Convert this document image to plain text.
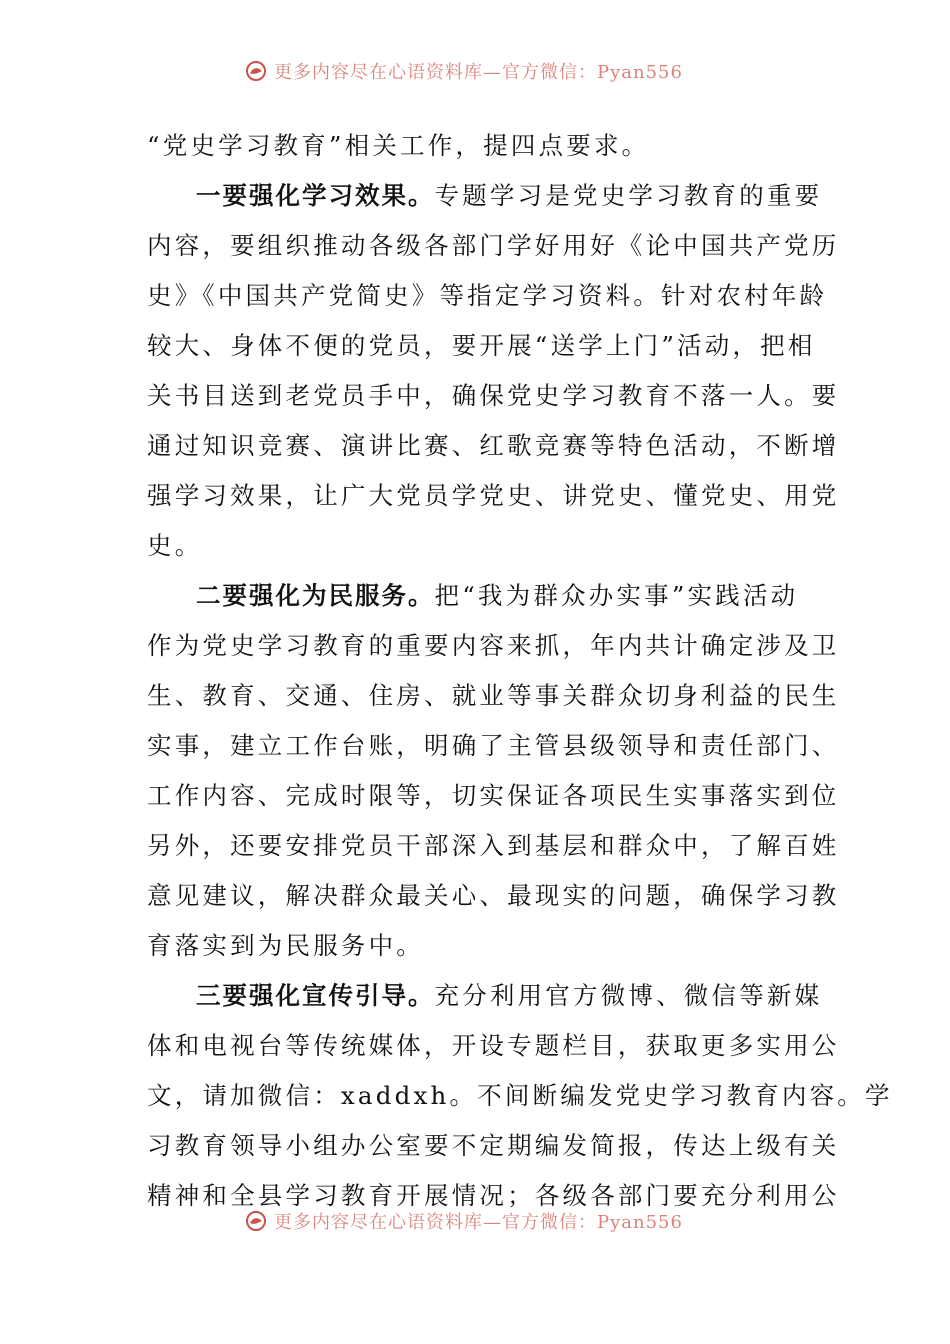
更多内容尽在心语资料库—官方微信：Pyan556
“党史学习教育”相关工作，提四点要求。
一要强化学习效果。专题学习是党史学习教育的重要
内容，要组织推动各级各部门学好用好《论中国共产党历
史》《中国共产党简史》等指定学习资料。针对农村年龄
较大、身体不便的党员，要开展“送学上门”活动，把相
关书目送到老党员手中，确保党史学习教育不落一人。要
通过知识竞赛、演讲比赛、红歌竞赛等特色活动，不断增
强学习效果，让广大党员学党史、讲党史、懂党史、用党
史。
二要强化为民服务。把“我为群众办实事”实践活动
作为党史学习教育的重要内容来抓，年内共计确定涉及卫
生、教育、交通、住房、就业等事关群众切身利益的民生
实事，建立工作台账，明确了主管县级领导和责任部门、
工作内容、完成时限等，切实保证各项民生实事落实到位
另外，还要安排党员干部深入到基层和群众中，了解百姓
意见建议，解决群众最关心、最现实的问题，确保学习教
育落实到为民服务中。
三要强化宣传引导。充分利用官方微博、微信等新媒
体和电视台等传统媒体，开设专题栏目，获取更多实用公
文，请加微信：xaddxh。不间断编发党史学习教育内容。学
习教育领导小组办公室要不定期编发简报，传达上级有关
精神和全县学习教育开展情况；各级各部门要充分利用公
更多内容尽在心语资料库—官方微信：Pyan556
